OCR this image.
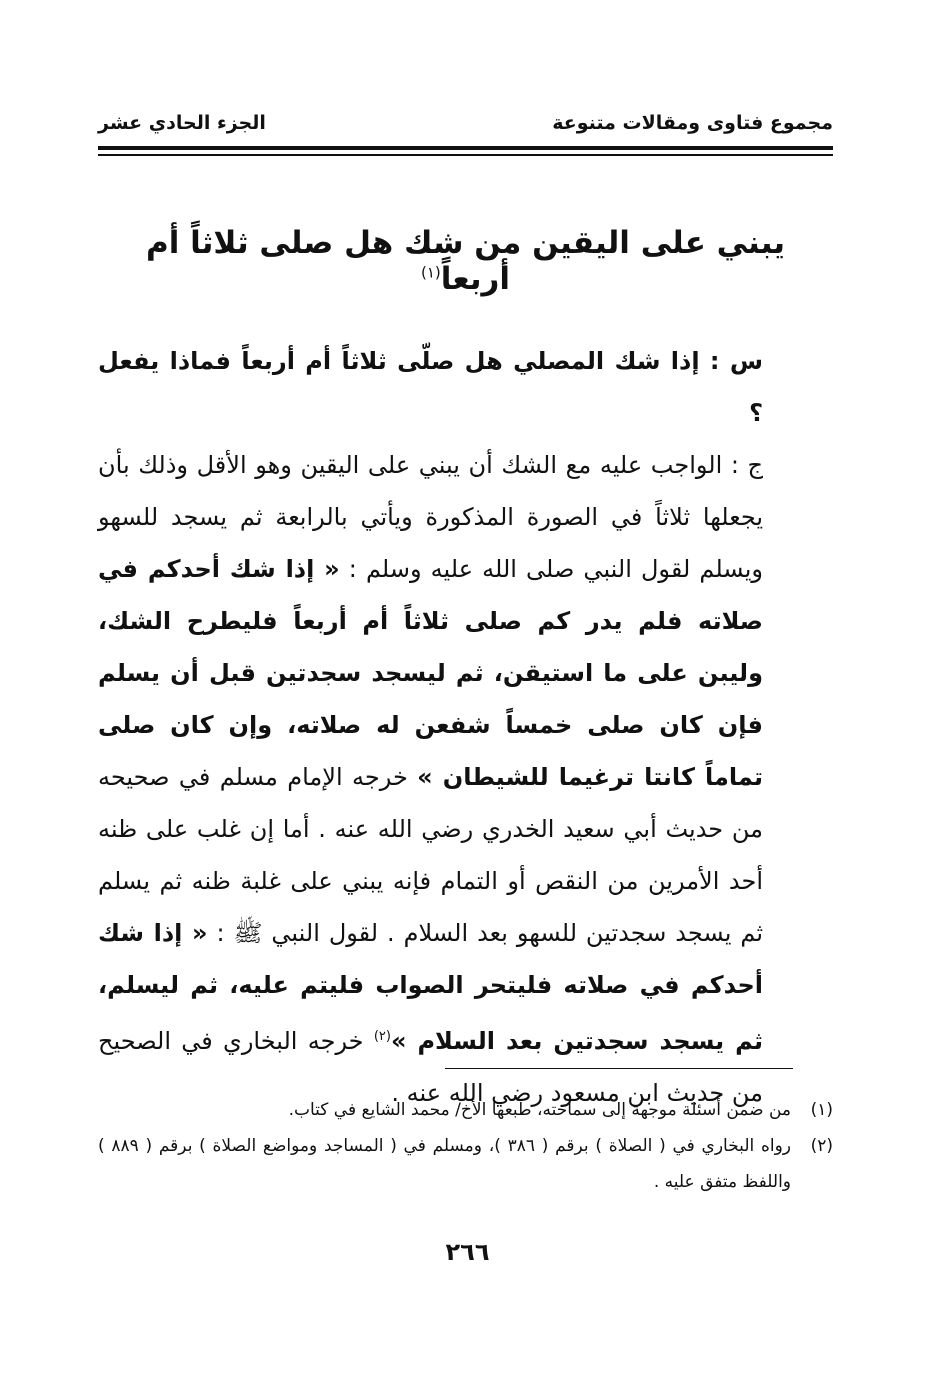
مجموع فتاوى ومقالات متنوعة
الجزء الحادي عشر
يبني على اليقين من شك هل صلى ثلاثاً أم أربعاً$^{(١)}$
س : إذا شك المصلي هل صلّى ثلاثاً أم أربعاً فماذا يفعل ؟
ج : الواجب عليه مع الشك أن يبني على اليقين وهو الأقل وذلك بأن يجعلها ثلاثاً في الصورة المذكورة ويأتي بالرابعة ثم يسجد للسهو ويسلم لقول النبي صلى الله عليه وسلم : « إذا شك أحدكم في صلاته فلم يدر كم صلى ثلاثاً أم أربعاً فليطرح الشك، وليبن على ما استيقن، ثم ليسجد سجدتين قبل أن يسلم فإن كان صلى خمساً شفعن له صلاته، وإن كان صلى تماماً كانتا ترغيما للشيطان » خرجه الإمام مسلم في صحيحه من حديث أبي سعيد الخدري رضي الله عنه . أما إن غلب على ظنه أحد الأمرين من النقص أو التمام فإنه يبني على غلبة ظنه ثم يسلم ثم يسجد سجدتين للسهو بعد السلام . لقول النبي ﷺ : « إذا شك أحدكم في صلاته فليتحر الصواب فليتم عليه، ثم ليسلم، ثم يسجد سجدتين بعد السلام »$^{(٢)}$ خرجه البخاري في الصحيح من حديث ابن مسعود رضي الله عنه .
(١)
من ضمن أسئلة موجهة إلى سماحته، طبعها الأخ/ محمد الشايع في كتاب.
(٢)
رواه البخاري في ( الصلاة ) برقم ( ٣٨٦ )، ومسلم في ( المساجد ومواضع الصلاة ) برقم ( ٨٨٩ ) واللفظ متفق عليه .
٢٦٦
